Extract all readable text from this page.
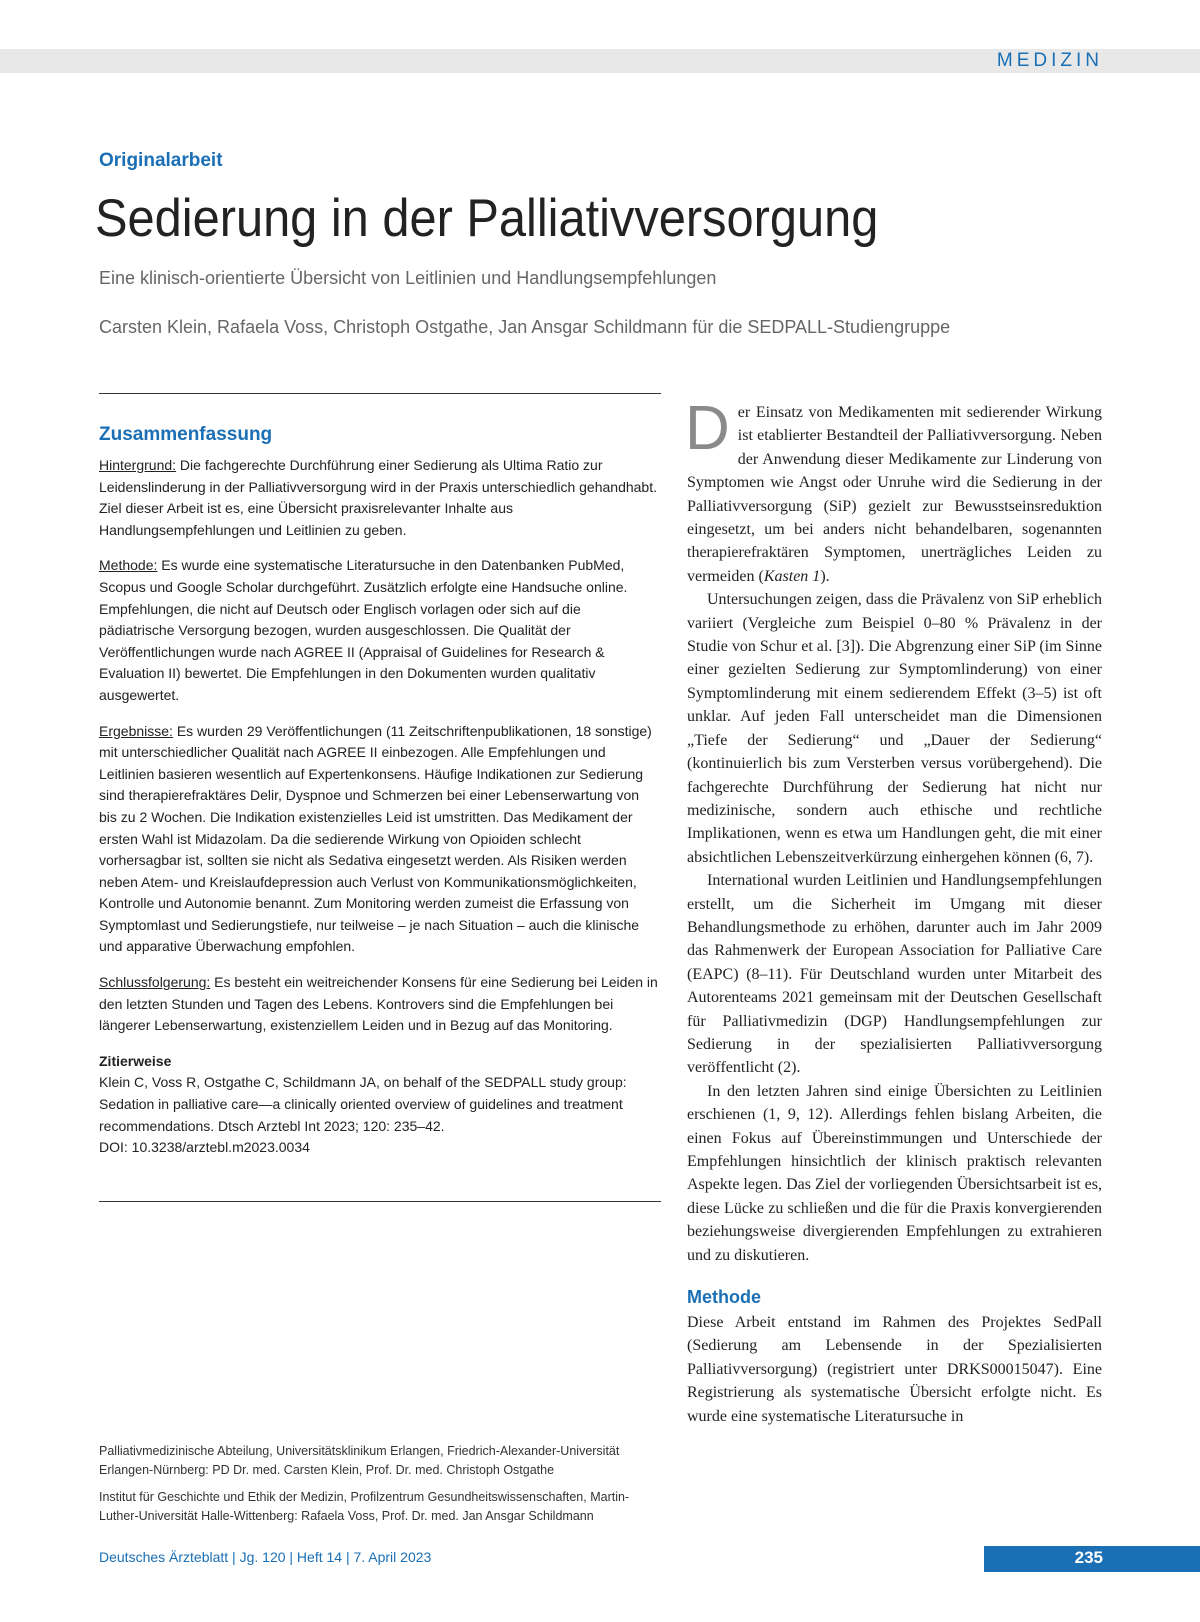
MEDIZIN
Originalarbeit
Sedierung in der Palliativversorgung
Eine klinisch-orientierte Übersicht von Leitlinien und Handlungsempfehlungen
Carsten Klein, Rafaela Voss, Christoph Ostgathe, Jan Ansgar Schildmann für die SEDPALL-Studiengruppe
Zusammenfassung

Hintergrund: Die fachgerechte Durchführung einer Sedierung als Ultima Ratio zur Leidenslinderung in der Palliativversorgung wird in der Praxis unterschiedlich gehandhabt. Ziel dieser Arbeit ist es, eine Übersicht praxisrelevanter Inhalte aus Handlungsempfehlungen und Leitlinien zu geben.

Methode: Es wurde eine systematische Literatursuche in den Datenbanken PubMed, Scopus und Google Scholar durchgeführt. Zusätzlich erfolgte eine Handsuche online. Empfehlungen, die nicht auf Deutsch oder Englisch vorlagen oder sich auf die pädiatrische Versorgung bezogen, wurden ausgeschlossen. Die Qualität der Veröffentlichungen wurde nach AGREE II (Appraisal of Guidelines for Research & Evaluation II) bewertet. Die Empfehlungen in den Dokumenten wurden qualitativ ausgewertet.

Ergebnisse: Es wurden 29 Veröffentlichungen (11 Zeitschriftenpublikationen, 18 sonstige) mit unterschiedlicher Qualität nach AGREE II einbezogen. Alle Empfehlungen und Leitlinien basieren wesentlich auf Expertenkonsens. Häufige Indikationen zur Sedierung sind therapierefraktäres Delir, Dyspnoe und Schmerzen bei einer Lebenserwartung von bis zu 2 Wochen. Die Indikation existenzielles Leid ist umstritten. Das Medikament der ersten Wahl ist Midazolam. Da die sedierende Wirkung von Opioiden schlecht vorhersagbar ist, sollten sie nicht als Sedativa eingesetzt werden. Als Risiken werden neben Atem- und Kreislaufdepression auch Verlust von Kommunikationsmöglichkeiten, Kontrolle und Autonomie benannt. Zum Monitoring werden zumeist die Erfassung von Symptomlast und Sedierungstiefe, nur teilweise – je nach Situation – auch die klinische und apparative Überwachung empfohlen.

Schlussfolgerung: Es besteht ein weitreichender Konsens für eine Sedierung bei Leiden in den letzten Stunden und Tagen des Lebens. Kontrovers sind die Empfehlungen bei längerer Lebenserwartung, existenziellem Leiden und in Bezug auf das Monitoring.

Zitierweise
Klein C, Voss R, Ostgathe C, Schildmann JA, on behalf of the SEDPALL study group: Sedation in palliative care—a clinically oriented overview of guidelines and treatment recommendations. Dtsch Arztebl Int 2023; 120: 235–42.
DOI: 10.3238/arztebl.m2023.0034

Palliativmedizinische Abteilung, Universitätsklinikum Erlangen, Friedrich-Alexander-Universität Erlangen-Nürnberg: PD Dr. med. Carsten Klein, Prof. Dr. med. Christoph Ostgathe

Institut für Geschichte und Ethik der Medizin, Profilzentrum Gesundheitswissenschaften, Martin-Luther-Universität Halle-Wittenberg: Rafaela Voss, Prof. Dr. med. Jan Ansgar Schildmann

Der Einsatz von Medikamenten mit sedierender Wirkung ist etablierter Bestandteil der Palliativversorgung. Neben der Anwendung dieser Medikamente zur Linderung von Symptomen wie Angst oder Unruhe wird die Sedierung in der Palliativversorgung (SiP) gezielt zur Bewusstseinsreduktion eingesetzt, um bei anders nicht behandelbaren, sogenannten therapierefraktären Symptomen, unerträgliches Leiden zu vermeiden (Kasten 1).

Untersuchungen zeigen, dass die Prävalenz von SiP erheblich variiert (Vergleiche zum Beispiel 0–80 % Prävalenz in der Studie von Schur et al. [3]). Die Abgrenzung einer SiP (im Sinne einer gezielten Sedierung zur Symptomlinderung) von einer Symptomlinderung mit einem sedierendem Effekt (3–5) ist oft unklar. Auf jeden Fall unterscheidet man die Dimensionen „Tiefe der Sedierung“ und „Dauer der Sedierung“ (kontinuierlich bis zum Versterben versus vorübergehend). Die fachgerechte Durchführung der Sedierung hat nicht nur medizinische, sondern auch ethische und rechtliche Implikationen, wenn es etwa um Handlungen geht, die mit einer absichtlichen Lebenszeitverkürzung einhergehen können (6, 7).

International wurden Leitlinien und Handlungsempfehlungen erstellt, um die Sicherheit im Umgang mit dieser Behandlungsmethode zu erhöhen, darunter auch im Jahr 2009 das Rahmenwerk der European Association for Palliative Care (EAPC) (8–11). Für Deutschland wurden unter Mitarbeit des Autorenteams 2021 gemeinsam mit der Deutschen Gesellschaft für Palliativmedizin (DGP) Handlungsempfehlungen zur Sedierung in der spezialisierten Palliativversorgung veröffentlicht (2).

In den letzten Jahren sind einige Übersichten zu Leitlinien erschienen (1, 9, 12). Allerdings fehlen bislang Arbeiten, die einen Fokus auf Übereinstimmungen und Unterschiede der Empfehlungen hinsichtlich der klinisch praktisch relevanten Aspekte legen. Das Ziel der vorliegenden Übersichtsarbeit ist es, diese Lücke zu schließen und die für die Praxis konvergierenden beziehungsweise divergierenden Empfehlungen zu extrahieren und zu diskutieren.

Methode

Diese Arbeit entstand im Rahmen des Projektes SedPall (Sedierung am Lebensende in der Spezialisierten Palliativversorgung) (registriert unter DRKS00015047). Eine Registrierung als systematische Übersicht erfolgte nicht. Es wurde eine systematische Literatursuche in

Deutsches Ärzteblatt | Jg. 120 | Heft 14 | 7. April 2023	235
